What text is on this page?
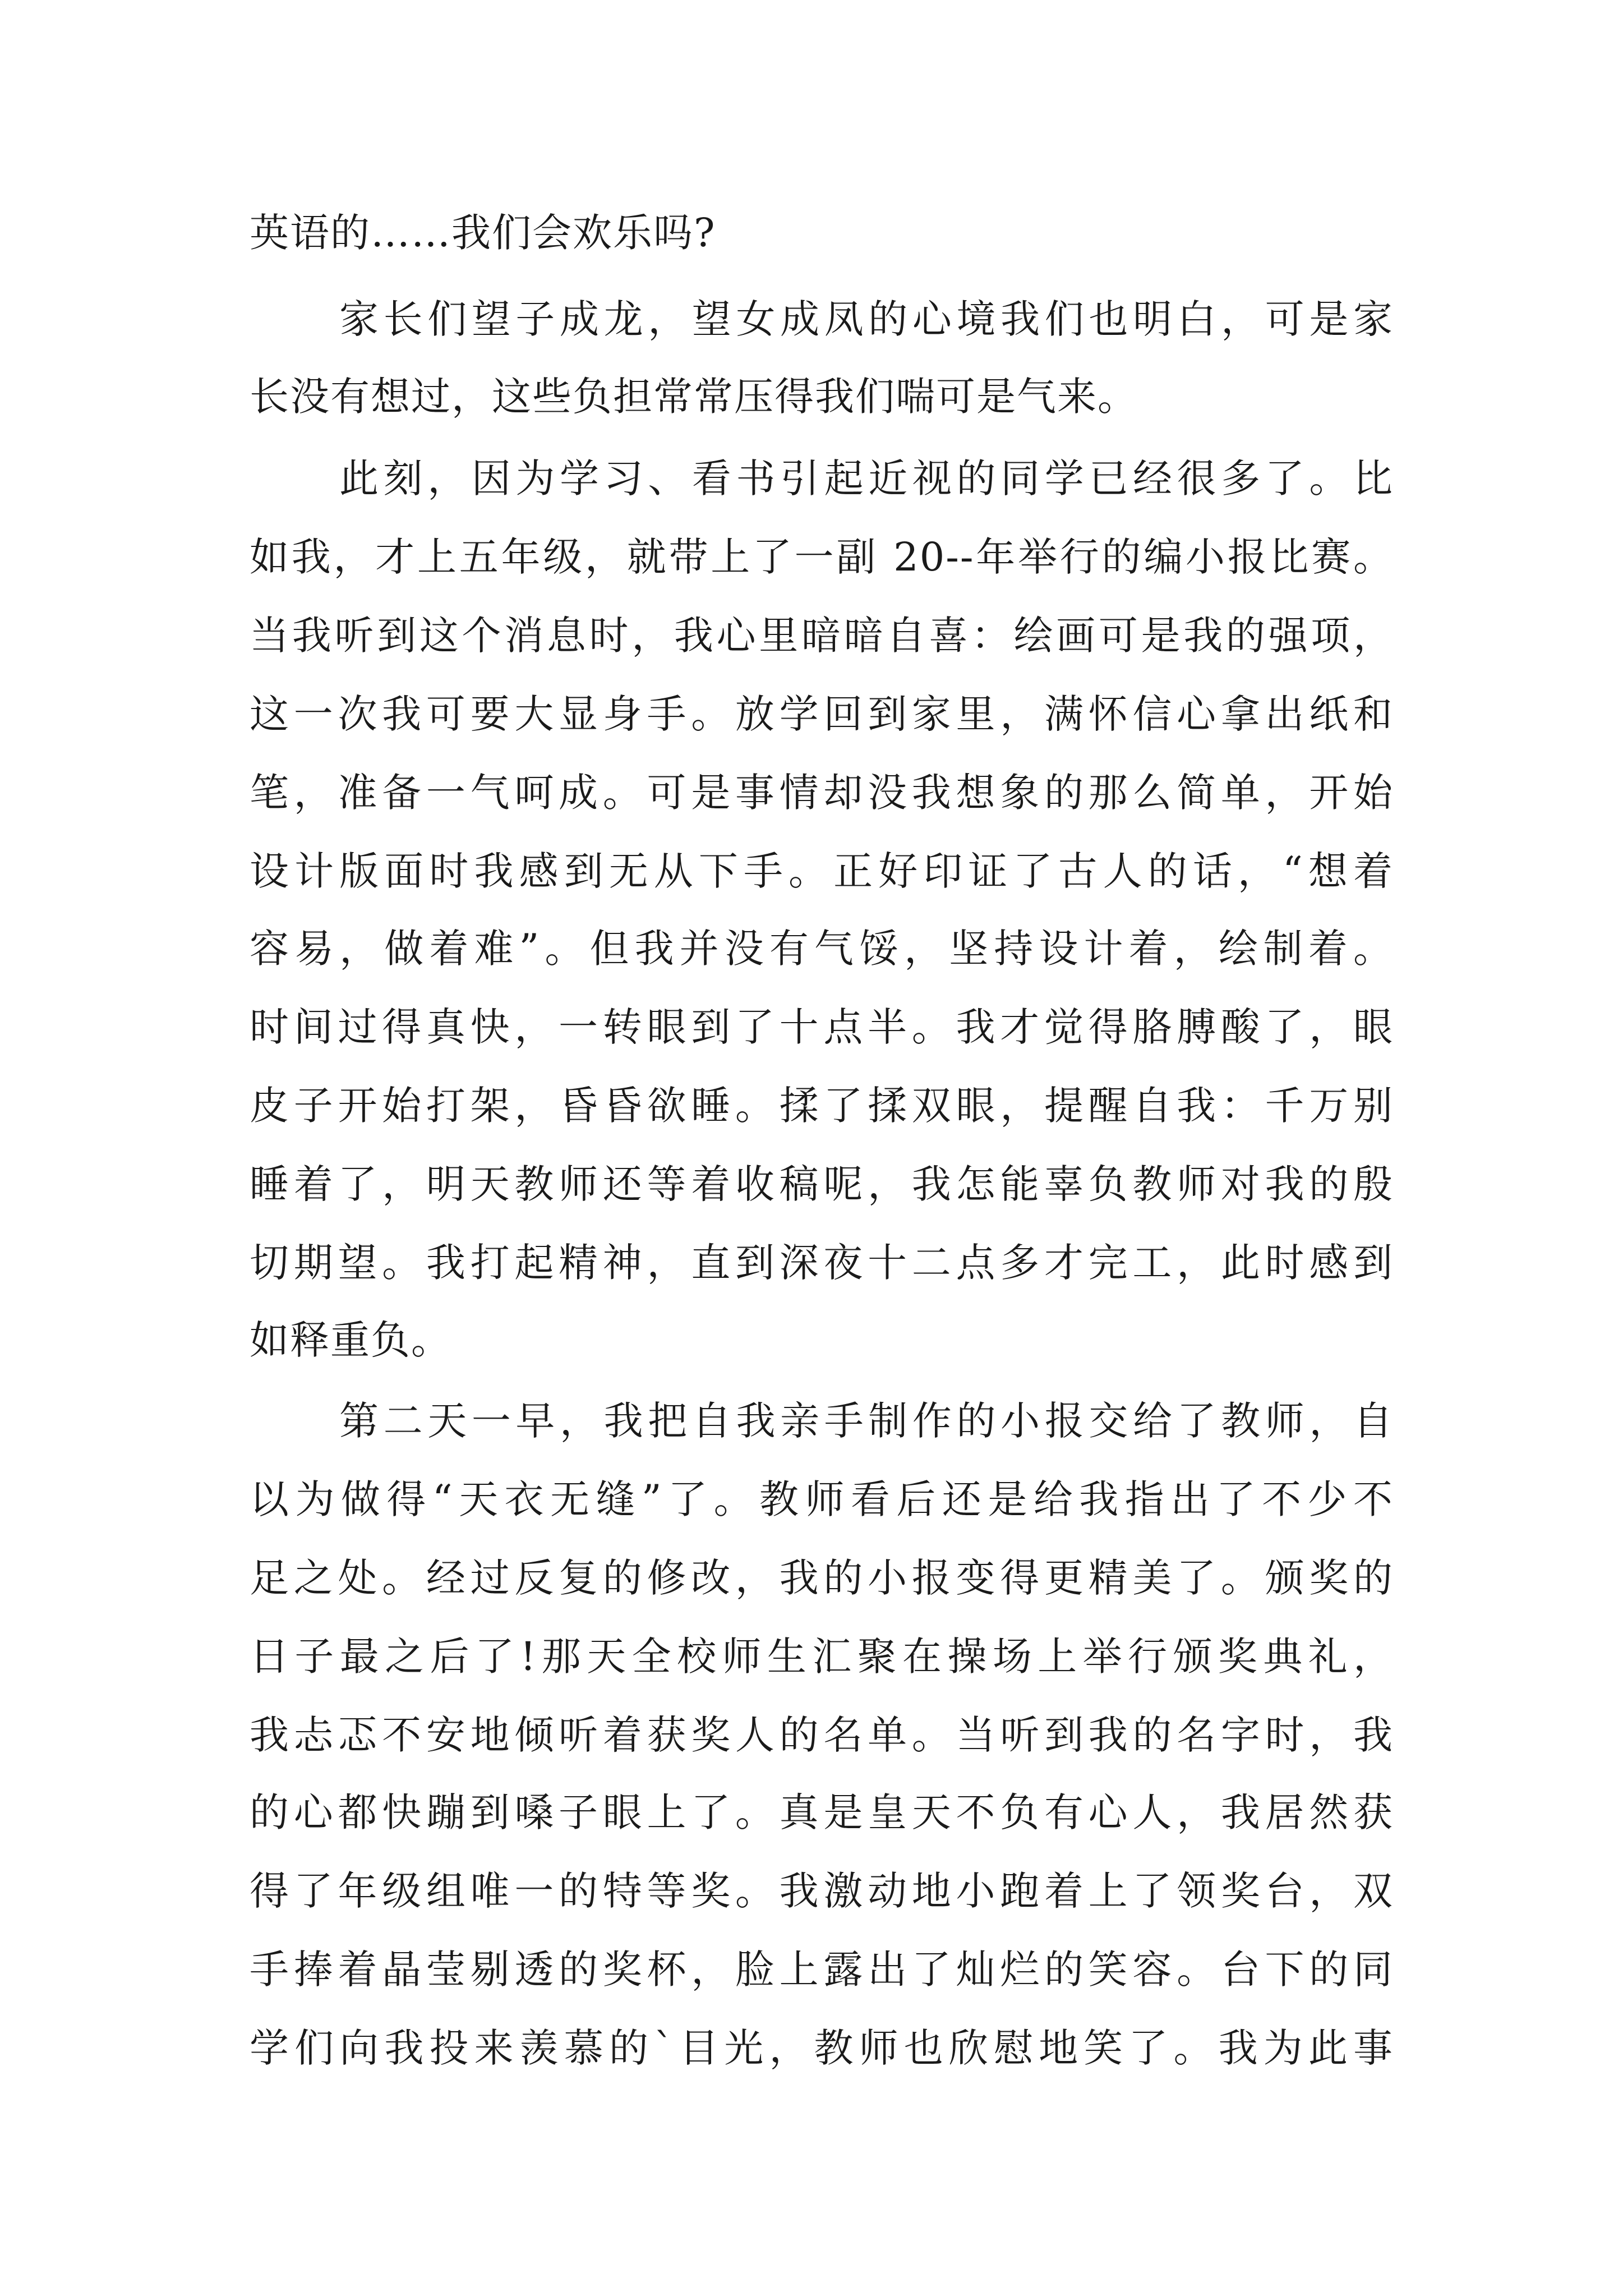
英语的……我们会欢乐吗?
家长们望子成龙，望女成凤的心境我们也明白，可是家
长没有想过，这些负担常常压得我们喘可是气来。
此刻，因为学习、看书引起近视的同学已经很多了。比
如我，才上五年级，就带上了一副 20--年举行的编小报比赛。
当我听到这个消息时，我心里暗暗自喜：绘画可是我的强项，
这一次我可要大显身手。放学回到家里，满怀信心拿出纸和
笔，准备一气呵成。可是事情却没我想象的那么简单，开始
设计版面时我感到无从下手。正好印证了古人的话，“想着
容易，做着难”。但我并没有气馁，坚持设计着，绘制着。
时间过得真快，一转眼到了十点半。我才觉得胳膊酸了，眼
皮子开始打架，昏昏欲睡。揉了揉双眼，提醒自我：千万别
睡着了，明天教师还等着收稿呢，我怎能辜负教师对我的殷
切期望。我打起精神，直到深夜十二点多才完工，此时感到
如释重负。
第二天一早，我把自我亲手制作的小报交给了教师，自
以为做得“天衣无缝”了。教师看后还是给我指出了不少不
足之处。经过反复的修改，我的小报变得更精美了。颁奖的
日子最之后了!那天全校师生汇聚在操场上举行颁奖典礼，
我忐忑不安地倾听着获奖人的名单。当听到我的名字时，我
的心都快蹦到嗓子眼上了。真是皇天不负有心人，我居然获
得了年级组唯一的特等奖。我激动地小跑着上了领奖台，双
手捧着晶莹剔透的奖杯，脸上露出了灿烂的笑容。台下的同
学们向我投来羡慕的`目光，教师也欣慰地笑了。我为此事
